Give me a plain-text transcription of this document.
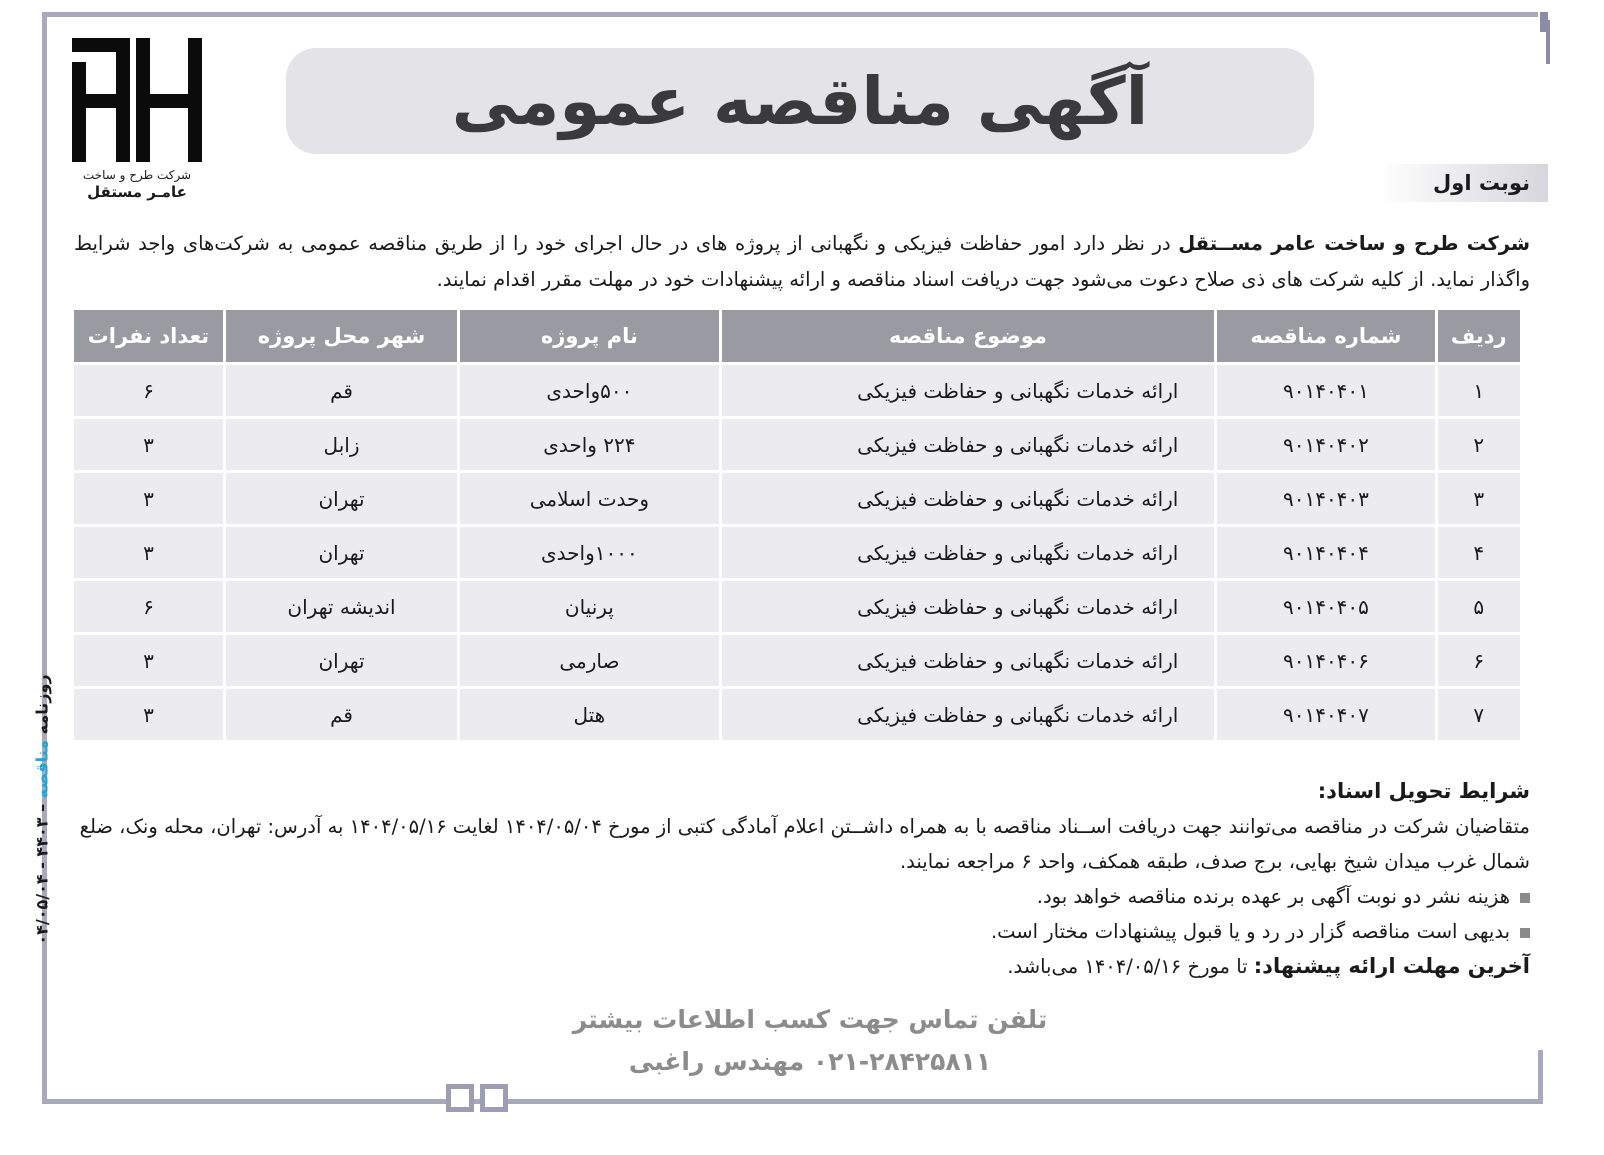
شرکت طرح و ساخت
عامـر مستقل
آگهی مناقصه عمومی
نوبت اول
شرکت طرح و ساخت عامر مســتقل در نظر دارد امور حفاظت فیزیکی و نگهبانی از پروژه های در حال اجرای خود را از طریق مناقصه عمومی به شرکت‌های واجد شرایط واگذار نماید. از کلیه شرکت های ذی صلاح دعوت می‌شود جهت دریافت اسناد مناقصه و ارائه پیشنهادات خود در مهلت مقرر اقدام نمایند.
ردیف	شماره مناقصه	موضوع مناقصه	نام پروژه	شهر محل پروژه	تعداد نفرات
۱	۹۰۱۴۰۴۰۱	ارائه خدمات نگهبانی و حفاظت فیزیکی	۵۰۰واحدی	قم	۶
۲	۹۰۱۴۰۴۰۲	ارائه خدمات نگهبانی و حفاظت فیزیکی	۲۲۴ واحدی	زابل	۳
۳	۹۰۱۴۰۴۰۳	ارائه خدمات نگهبانی و حفاظت فیزیکی	وحدت اسلامی	تهران	۳
۴	۹۰۱۴۰۴۰۴	ارائه خدمات نگهبانی و حفاظت فیزیکی	۱۰۰۰واحدی	تهران	۳
۵	۹۰۱۴۰۴۰۵	ارائه خدمات نگهبانی و حفاظت فیزیکی	پرنیان	اندیشه تهران	۶
۶	۹۰۱۴۰۴۰۶	ارائه خدمات نگهبانی و حفاظت فیزیکی	صارمی	تهران	۳
۷	۹۰۱۴۰۴۰۷	ارائه خدمات نگهبانی و حفاظت فیزیکی	هتل	قم	۳
شرایط تحویل اسناد:
متقاضیان شرکت در مناقصه می‌توانند جهت دریافت اســناد مناقصه با به همراه داشــتن اعلام آمادگی کتبی از مورخ ۱۴۰۴/۰۵/۰۴ لغایت ۱۴۰۴/۰۵/۱۶ به آدرس: تهران، محله ونک، ضلع شمال غرب میدان شیخ بهایی، برج صدف، طبقه همکف، واحد ۶ مراجعه نمایند.
هزینه نشر دو نوبت آگهی بر عهده برنده مناقصه خواهد بود.
بدیهی است مناقصه گزار در رد و یا قبول پیشنهادات مختار است.
آخرین مهلت ارائه پیشنهاد: تا مورخ ۱۴۰۴/۰۵/۱۶ می‌باشد.
تلفن تماس جهت کسب اطلاعات بیشتر
۰۲۱-۲۸۴۲۵۸۱۱ مهندس راغبی
روزنامه مناقصه – ۴۴۰۳ - ۰۴/۰۵/۰۴
